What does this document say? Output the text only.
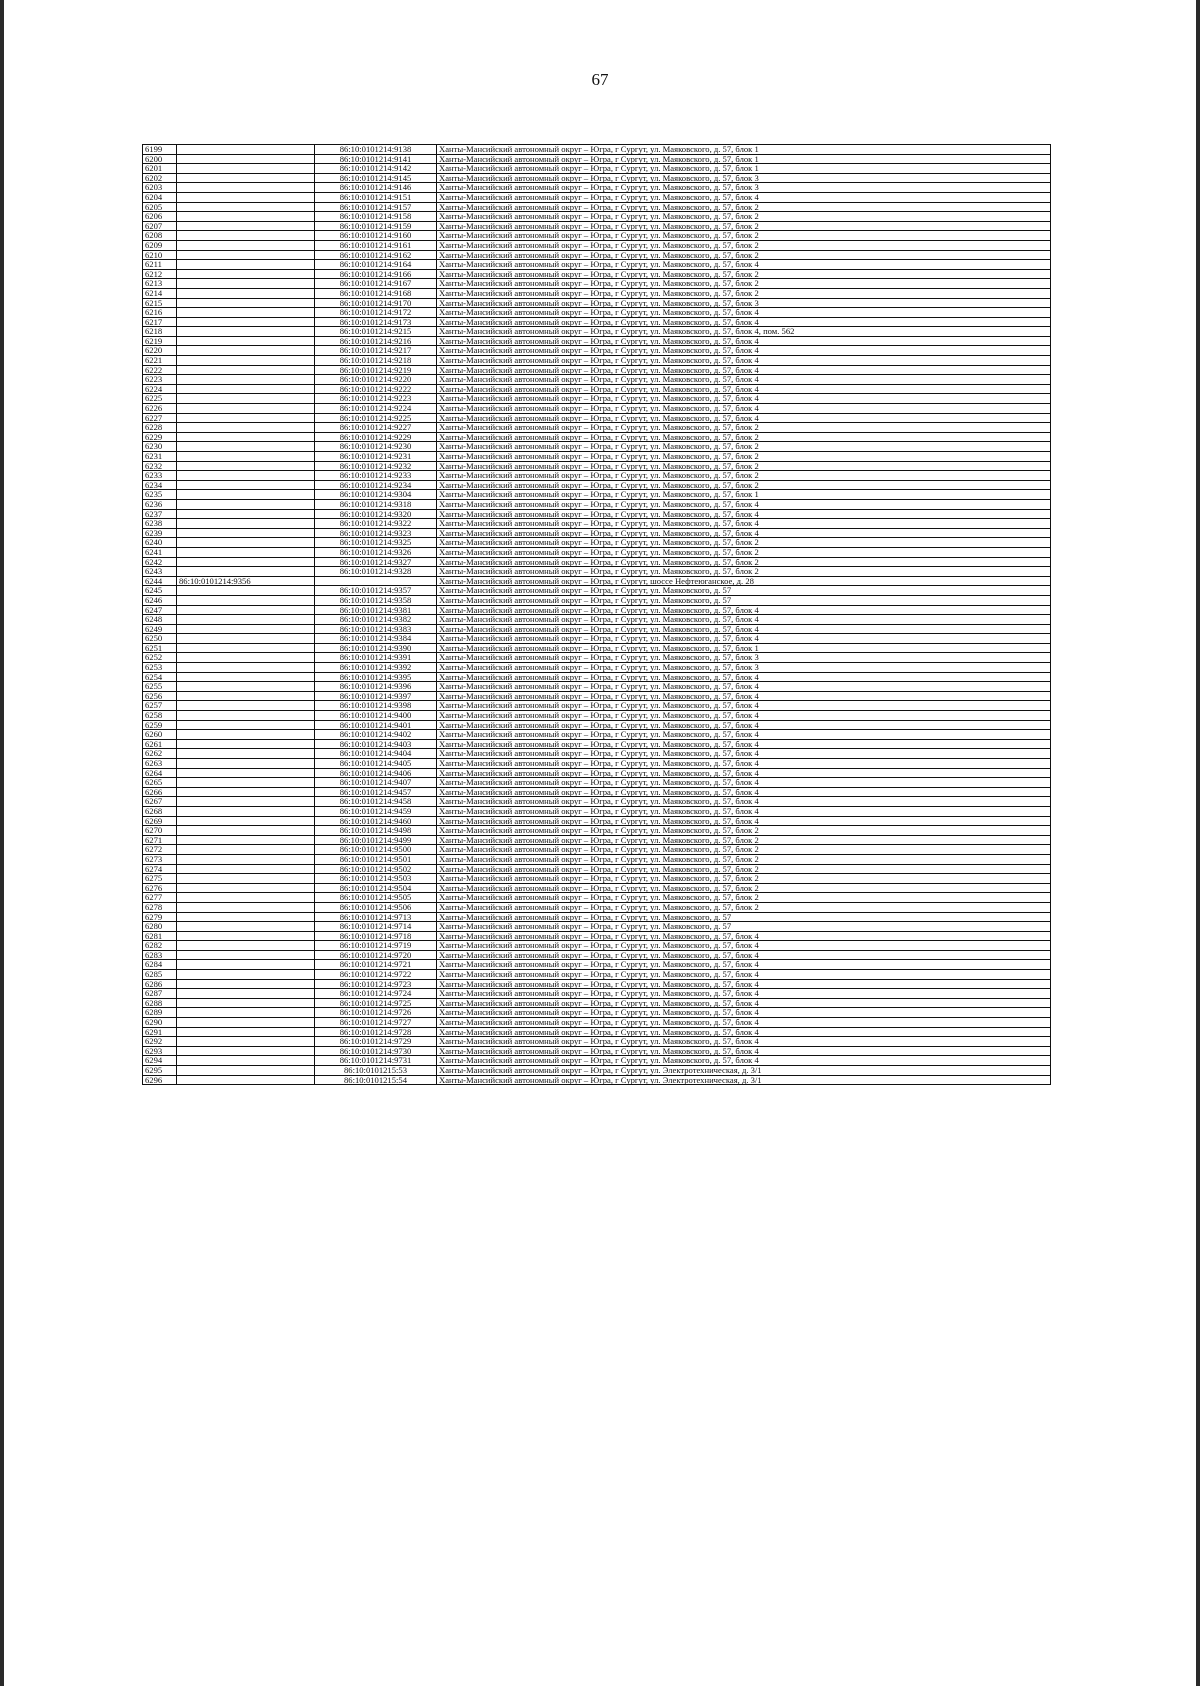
67
6199		86:10:0101214:9138	Ханты-Мансийский автономный округ – Югра, г Сургут, ул. Маяковского, д. 57, блок 1
6200		86:10:0101214:9141	Ханты-Мансийский автономный округ – Югра, г Сургут, ул. Маяковского, д. 57, блок 1
6201		86:10:0101214:9142	Ханты-Мансийский автономный округ – Югра, г Сургут, ул. Маяковского, д. 57, блок 1
6202		86:10:0101214:9145	Ханты-Мансийский автономный округ – Югра, г Сургут, ул. Маяковского, д. 57, блок 3
6203		86:10:0101214:9146	Ханты-Мансийский автономный округ – Югра, г Сургут, ул. Маяковского, д. 57, блок 3
6204		86:10:0101214:9151	Ханты-Мансийский автономный округ – Югра, г Сургут, ул. Маяковского, д. 57, блок 4
6205		86:10:0101214:9157	Ханты-Мансийский автономный округ – Югра, г Сургут, ул. Маяковского, д. 57, блок 2
6206		86:10:0101214:9158	Ханты-Мансийский автономный округ – Югра, г Сургут, ул. Маяковского, д. 57, блок 2
6207		86:10:0101214:9159	Ханты-Мансийский автономный округ – Югра, г Сургут, ул. Маяковского, д. 57, блок 2
6208		86:10:0101214:9160	Ханты-Мансийский автономный округ – Югра, г Сургут, ул. Маяковского, д. 57, блок 2
6209		86:10:0101214:9161	Ханты-Мансийский автономный округ – Югра, г Сургут, ул. Маяковского, д. 57, блок 2
6210		86:10:0101214:9162	Ханты-Мансийский автономный округ – Югра, г Сургут, ул. Маяковского, д. 57, блок 2
6211		86:10:0101214:9164	Ханты-Мансийский автономный округ – Югра, г Сургут, ул. Маяковского, д. 57, блок 4
6212		86:10:0101214:9166	Ханты-Мансийский автономный округ – Югра, г Сургут, ул. Маяковского, д. 57, блок 2
6213		86:10:0101214:9167	Ханты-Мансийский автономный округ – Югра, г Сургут, ул. Маяковского, д. 57, блок 2
6214		86:10:0101214:9168	Ханты-Мансийский автономный округ – Югра, г Сургут, ул. Маяковского, д. 57, блок 2
6215		86:10:0101214:9170	Ханты-Мансийский автономный округ – Югра, г Сургут, ул. Маяковского, д. 57, блок 3
6216		86:10:0101214:9172	Ханты-Мансийский автономный округ – Югра, г Сургут, ул. Маяковского, д. 57, блок 4
6217		86:10:0101214:9173	Ханты-Мансийский автономный округ – Югра, г Сургут, ул. Маяковского, д. 57, блок 4
6218		86:10:0101214:9215	Ханты-Мансийский автономный округ – Югра, г Сургут, ул. Маяковского, д. 57, блок 4, пом. 562
6219		86:10:0101214:9216	Ханты-Мансийский автономный округ – Югра, г Сургут, ул. Маяковского, д. 57, блок 4
6220		86:10:0101214:9217	Ханты-Мансийский автономный округ – Югра, г Сургут, ул. Маяковского, д. 57, блок 4
6221		86:10:0101214:9218	Ханты-Мансийский автономный округ – Югра, г Сургут, ул. Маяковского, д. 57, блок 4
6222		86:10:0101214:9219	Ханты-Мансийский автономный округ – Югра, г Сургут, ул. Маяковского, д. 57, блок 4
6223		86:10:0101214:9220	Ханты-Мансийский автономный округ – Югра, г Сургут, ул. Маяковского, д. 57, блок 4
6224		86:10:0101214:9222	Ханты-Мансийский автономный округ – Югра, г Сургут, ул. Маяковского, д. 57, блок 4
6225		86:10:0101214:9223	Ханты-Мансийский автономный округ – Югра, г Сургут, ул. Маяковского, д. 57, блок 4
6226		86:10:0101214:9224	Ханты-Мансийский автономный округ – Югра, г Сургут, ул. Маяковского, д. 57, блок 4
6227		86:10:0101214:9225	Ханты-Мансийский автономный округ – Югра, г Сургут, ул. Маяковского, д. 57, блок 4
6228		86:10:0101214:9227	Ханты-Мансийский автономный округ – Югра, г Сургут, ул. Маяковского, д. 57, блок 2
6229		86:10:0101214:9229	Ханты-Мансийский автономный округ – Югра, г Сургут, ул. Маяковского, д. 57, блок 2
6230		86:10:0101214:9230	Ханты-Мансийский автономный округ – Югра, г Сургут, ул. Маяковского, д. 57, блок 2
6231		86:10:0101214:9231	Ханты-Мансийский автономный округ – Югра, г Сургут, ул. Маяковского, д. 57, блок 2
6232		86:10:0101214:9232	Ханты-Мансийский автономный округ – Югра, г Сургут, ул. Маяковского, д. 57, блок 2
6233		86:10:0101214:9233	Ханты-Мансийский автономный округ – Югра, г Сургут, ул. Маяковского, д. 57, блок 2
6234		86:10:0101214:9234	Ханты-Мансийский автономный округ – Югра, г Сургут, ул. Маяковского, д. 57, блок 2
6235		86:10:0101214:9304	Ханты-Мансийский автономный округ – Югра, г Сургут, ул. Маяковского, д. 57, блок 1
6236		86:10:0101214:9318	Ханты-Мансийский автономный округ – Югра, г Сургут, ул. Маяковского, д. 57, блок 4
6237		86:10:0101214:9320	Ханты-Мансийский автономный округ – Югра, г Сургут, ул. Маяковского, д. 57, блок 4
6238		86:10:0101214:9322	Ханты-Мансийский автономный округ – Югра, г Сургут, ул. Маяковского, д. 57, блок 4
6239		86:10:0101214:9323	Ханты-Мансийский автономный округ – Югра, г Сургут, ул. Маяковского, д. 57, блок 4
6240		86:10:0101214:9325	Ханты-Мансийский автономный округ – Югра, г Сургут, ул. Маяковского, д. 57, блок 2
6241		86:10:0101214:9326	Ханты-Мансийский автономный округ – Югра, г Сургут, ул. Маяковского, д. 57, блок 2
6242		86:10:0101214:9327	Ханты-Мансийский автономный округ – Югра, г Сургут, ул. Маяковского, д. 57, блок 2
6243		86:10:0101214:9328	Ханты-Мансийский автономный округ – Югра, г Сургут, ул. Маяковского, д. 57, блок 2
6244	86:10:0101214:9356		Ханты-Мансийский автономный округ – Югра, г Сургут, шоссе Нефтеюганское, д. 28
6245		86:10:0101214:9357	Ханты-Мансийский автономный округ – Югра, г Сургут, ул. Маяковского, д. 57
6246		86:10:0101214:9358	Ханты-Мансийский автономный округ – Югра, г Сургут, ул. Маяковского, д. 57
6247		86:10:0101214:9381	Ханты-Мансийский автономный округ – Югра, г Сургут, ул. Маяковского, д. 57, блок 4
6248		86:10:0101214:9382	Ханты-Мансийский автономный округ – Югра, г Сургут, ул. Маяковского, д. 57, блок 4
6249		86:10:0101214:9383	Ханты-Мансийский автономный округ – Югра, г Сургут, ул. Маяковского, д. 57, блок 4
6250		86:10:0101214:9384	Ханты-Мансийский автономный округ – Югра, г Сургут, ул. Маяковского, д. 57, блок 4
6251		86:10:0101214:9390	Ханты-Мансийский автономный округ – Югра, г Сургут, ул. Маяковского, д. 57, блок 1
6252		86:10:0101214:9391	Ханты-Мансийский автономный округ – Югра, г Сургут, ул. Маяковского, д. 57, блок 3
6253		86:10:0101214:9392	Ханты-Мансийский автономный округ – Югра, г Сургут, ул. Маяковского, д. 57, блок 3
6254		86:10:0101214:9395	Ханты-Мансийский автономный округ – Югра, г Сургут, ул. Маяковского, д. 57, блок 4
6255		86:10:0101214:9396	Ханты-Мансийский автономный округ – Югра, г Сургут, ул. Маяковского, д. 57, блок 4
6256		86:10:0101214:9397	Ханты-Мансийский автономный округ – Югра, г Сургут, ул. Маяковского, д. 57, блок 4
6257		86:10:0101214:9398	Ханты-Мансийский автономный округ – Югра, г Сургут, ул. Маяковского, д. 57, блок 4
6258		86:10:0101214:9400	Ханты-Мансийский автономный округ – Югра, г Сургут, ул. Маяковского, д. 57, блок 4
6259		86:10:0101214:9401	Ханты-Мансийский автономный округ – Югра, г Сургут, ул. Маяковского, д. 57, блок 4
6260		86:10:0101214:9402	Ханты-Мансийский автономный округ – Югра, г Сургут, ул. Маяковского, д. 57, блок 4
6261		86:10:0101214:9403	Ханты-Мансийский автономный округ – Югра, г Сургут, ул. Маяковского, д. 57, блок 4
6262		86:10:0101214:9404	Ханты-Мансийский автономный округ – Югра, г Сургут, ул. Маяковского, д. 57, блок 4
6263		86:10:0101214:9405	Ханты-Мансийский автономный округ – Югра, г Сургут, ул. Маяковского, д. 57, блок 4
6264		86:10:0101214:9406	Ханты-Мансийский автономный округ – Югра, г Сургут, ул. Маяковского, д. 57, блок 4
6265		86:10:0101214:9407	Ханты-Мансийский автономный округ – Югра, г Сургут, ул. Маяковского, д. 57, блок 4
6266		86:10:0101214:9457	Ханты-Мансийский автономный округ – Югра, г Сургут, ул. Маяковского, д. 57, блок 4
6267		86:10:0101214:9458	Ханты-Мансийский автономный округ – Югра, г Сургут, ул. Маяковского, д. 57, блок 4
6268		86:10:0101214:9459	Ханты-Мансийский автономный округ – Югра, г Сургут, ул. Маяковского, д. 57, блок 4
6269		86:10:0101214:9460	Ханты-Мансийский автономный округ – Югра, г Сургут, ул. Маяковского, д. 57, блок 4
6270		86:10:0101214:9498	Ханты-Мансийский автономный округ – Югра, г Сургут, ул. Маяковского, д. 57, блок 2
6271		86:10:0101214:9499	Ханты-Мансийский автономный округ – Югра, г Сургут, ул. Маяковского, д. 57, блок 2
6272		86:10:0101214:9500	Ханты-Мансийский автономный округ – Югра, г Сургут, ул. Маяковского, д. 57, блок 2
6273		86:10:0101214:9501	Ханты-Мансийский автономный округ – Югра, г Сургут, ул. Маяковского, д. 57, блок 2
6274		86:10:0101214:9502	Ханты-Мансийский автономный округ – Югра, г Сургут, ул. Маяковского, д. 57, блок 2
6275		86:10:0101214:9503	Ханты-Мансийский автономный округ – Югра, г Сургут, ул. Маяковского, д. 57, блок 2
6276		86:10:0101214:9504	Ханты-Мансийский автономный округ – Югра, г Сургут, ул. Маяковского, д. 57, блок 2
6277		86:10:0101214:9505	Ханты-Мансийский автономный округ – Югра, г Сургут, ул. Маяковского, д. 57, блок 2
6278		86:10:0101214:9506	Ханты-Мансийский автономный округ – Югра, г Сургут, ул. Маяковского, д. 57, блок 2
6279		86:10:0101214:9713	Ханты-Мансийский автономный округ – Югра, г Сургут, ул. Маяковского, д. 57
6280		86:10:0101214:9714	Ханты-Мансийский автономный округ – Югра, г Сургут, ул. Маяковского, д. 57
6281		86:10:0101214:9718	Ханты-Мансийский автономный округ – Югра, г Сургут, ул. Маяковского, д. 57, блок 4
6282		86:10:0101214:9719	Ханты-Мансийский автономный округ – Югра, г Сургут, ул. Маяковского, д. 57, блок 4
6283		86:10:0101214:9720	Ханты-Мансийский автономный округ – Югра, г Сургут, ул. Маяковского, д. 57, блок 4
6284		86:10:0101214:9721	Ханты-Мансийский автономный округ – Югра, г Сургут, ул. Маяковского, д. 57, блок 4
6285		86:10:0101214:9722	Ханты-Мансийский автономный округ – Югра, г Сургут, ул. Маяковского, д. 57, блок 4
6286		86:10:0101214:9723	Ханты-Мансийский автономный округ – Югра, г Сургут, ул. Маяковского, д. 57, блок 4
6287		86:10:0101214:9724	Ханты-Мансийский автономный округ – Югра, г Сургут, ул. Маяковского, д. 57, блок 4
6288		86:10:0101214:9725	Ханты-Мансийский автономный округ – Югра, г Сургут, ул. Маяковского, д. 57, блок 4
6289		86:10:0101214:9726	Ханты-Мансийский автономный округ – Югра, г Сургут, ул. Маяковского, д. 57, блок 4
6290		86:10:0101214:9727	Ханты-Мансийский автономный округ – Югра, г Сургут, ул. Маяковского, д. 57, блок 4
6291		86:10:0101214:9728	Ханты-Мансийский автономный округ – Югра, г Сургут, ул. Маяковского, д. 57, блок 4
6292		86:10:0101214:9729	Ханты-Мансийский автономный округ – Югра, г Сургут, ул. Маяковского, д. 57, блок 4
6293		86:10:0101214:9730	Ханты-Мансийский автономный округ – Югра, г Сургут, ул. Маяковского, д. 57, блок 4
6294		86:10:0101214:9731	Ханты-Мансийский автономный округ – Югра, г Сургут, ул. Маяковского, д. 57, блок 4
6295		86:10:0101215:53	Ханты-Мансийский автономный округ – Югра, г Сургут, ул. Электротехническая, д. 3/1
6296		86:10:0101215:54	Ханты-Мансийский автономный округ – Югра, г Сургут, ул. Электротехническая, д. 3/1
